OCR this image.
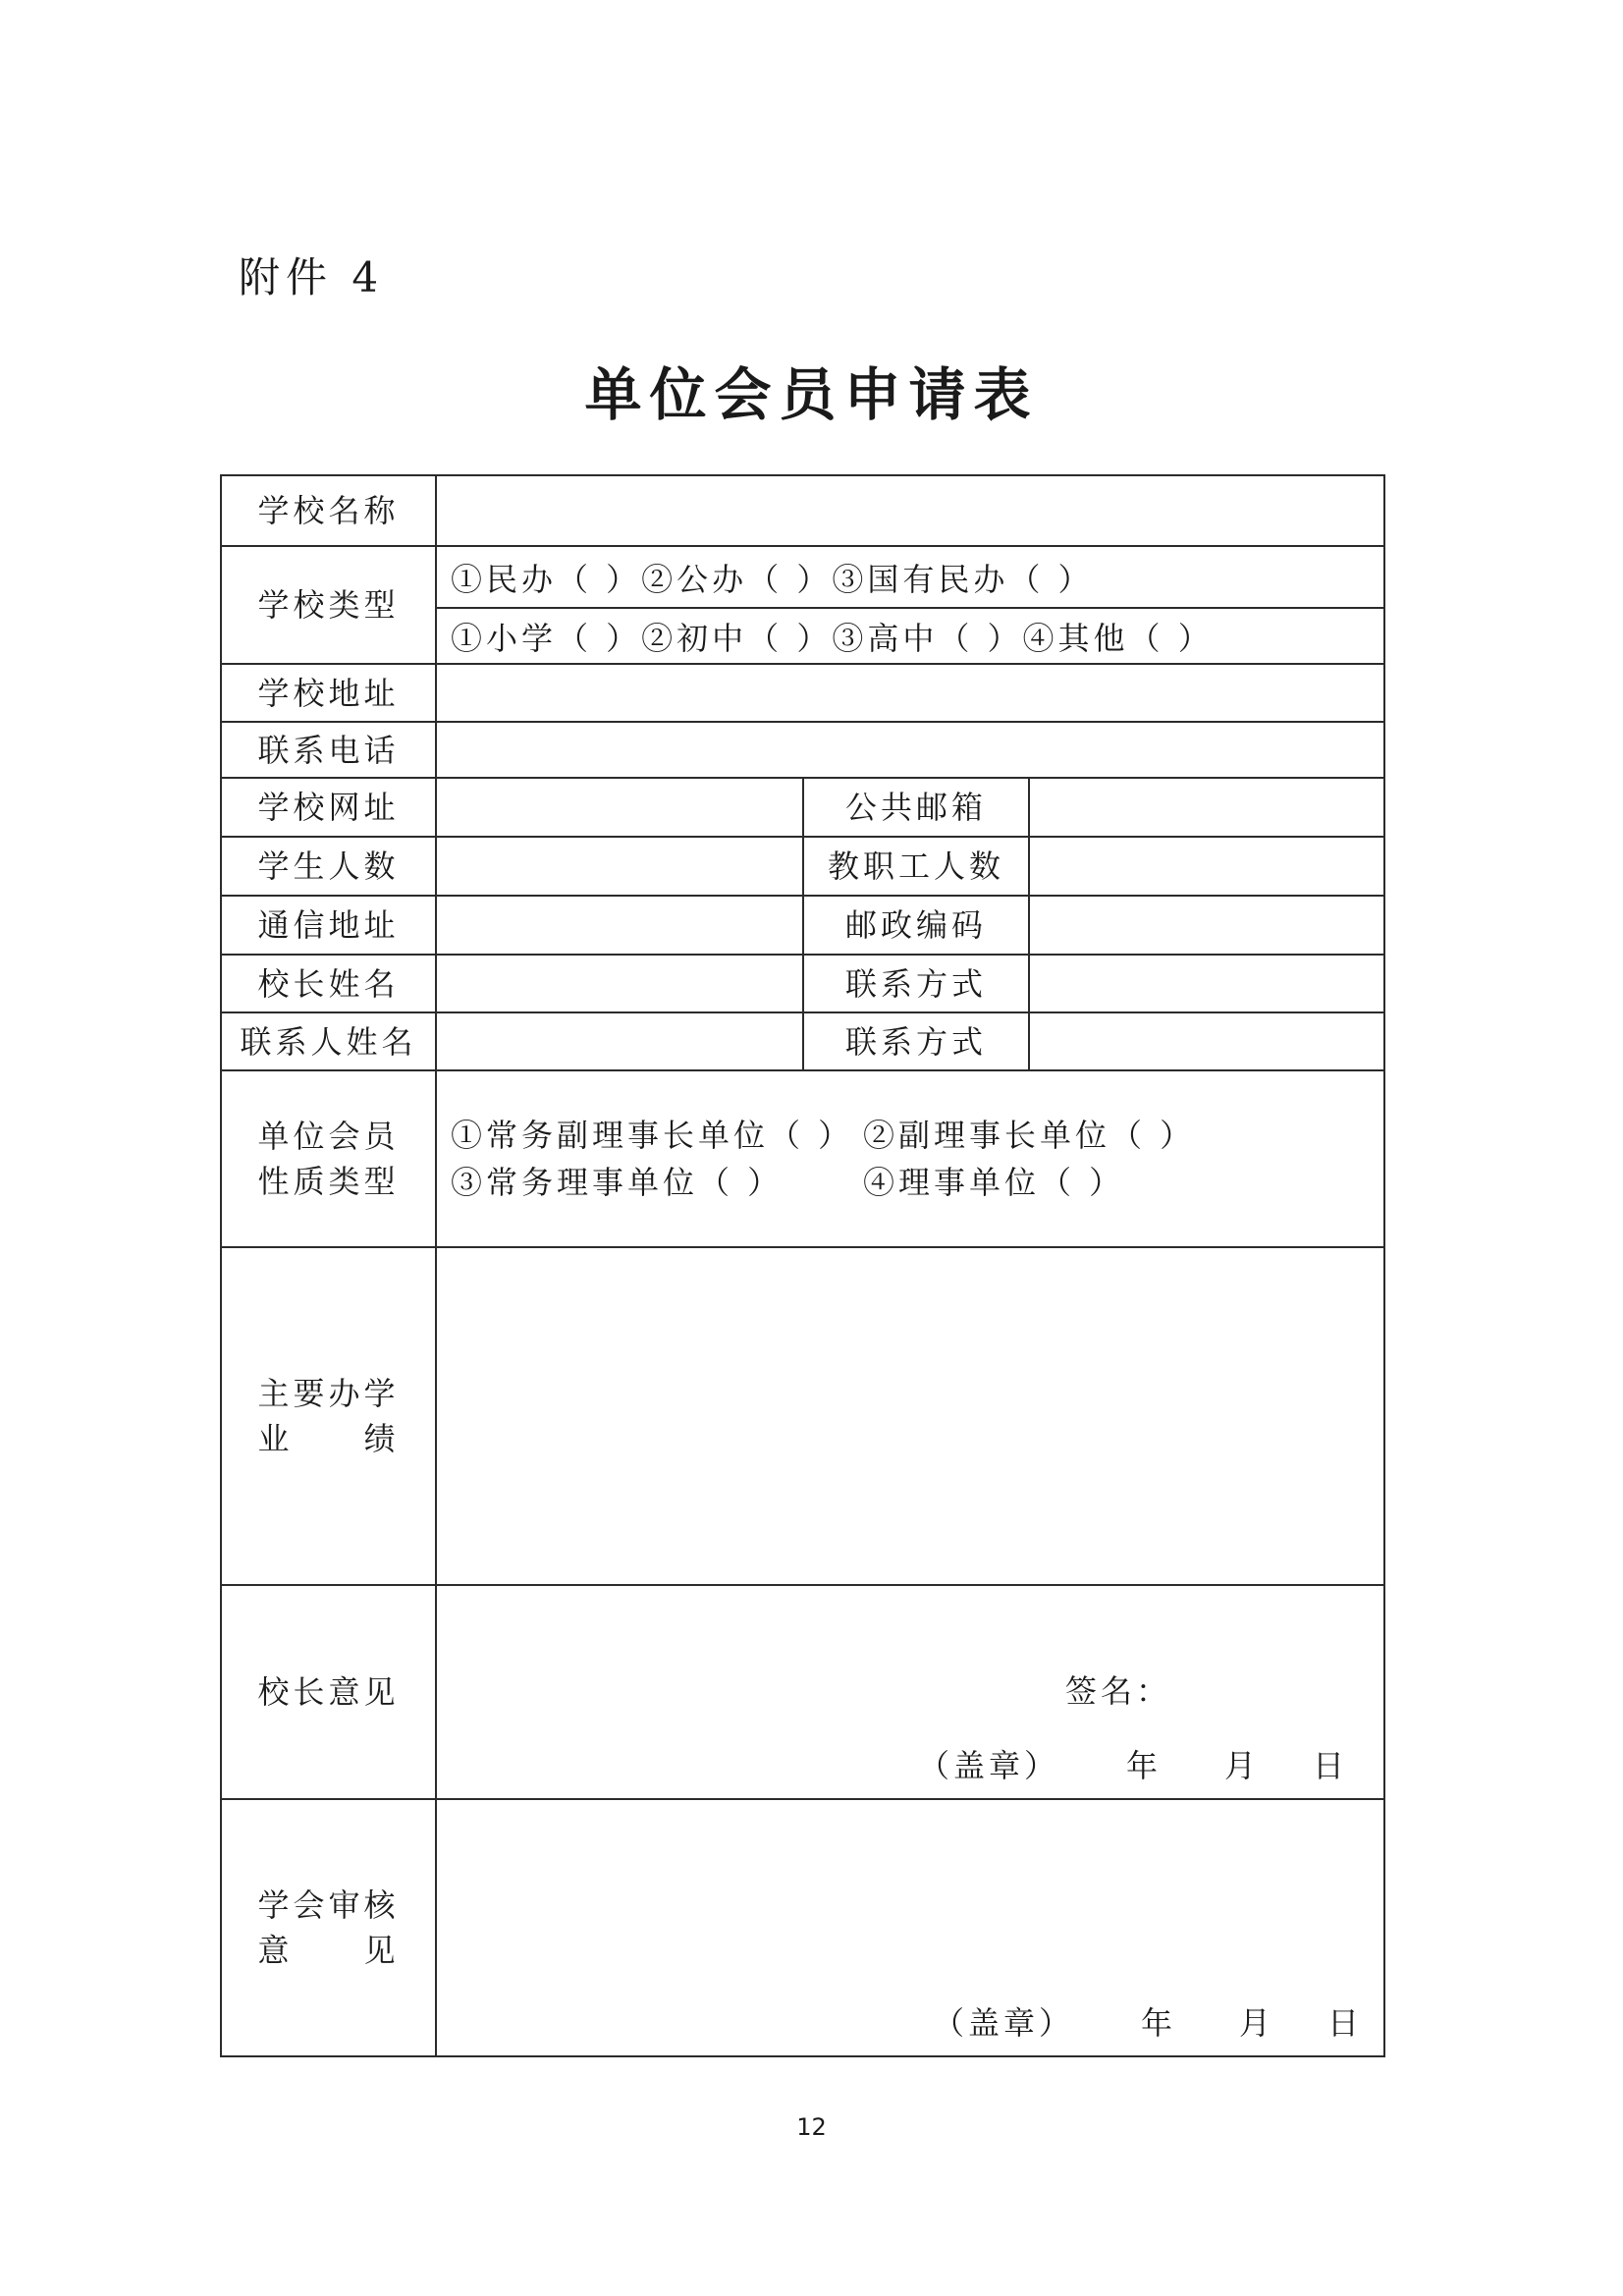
附件 4
单位会员申请表
学校名称			
学校类型	①民办（ ）②公办（ ）③国有民办（ ）		

	①小学（ ）②初中（ ）③高中（ ）④其他（ ）		

学校地址			
联系电话			
学校网址		公共邮箱	
学生人数		教职工人数	
通信地址		邮政编码	
校长姓名		联系方式	
联系人姓名		联系方式	
单位会员
性质类型	①常务副理事长单位（ ） ②副理事长单位（ ）
③常务理事单位（ ） ④理事单位（ ）		

主要办学
业　　绩			
校长意见	签名：
（盖章） 年 月 日		

学会审核
意　　见	（盖章） 年 月 日		
12
